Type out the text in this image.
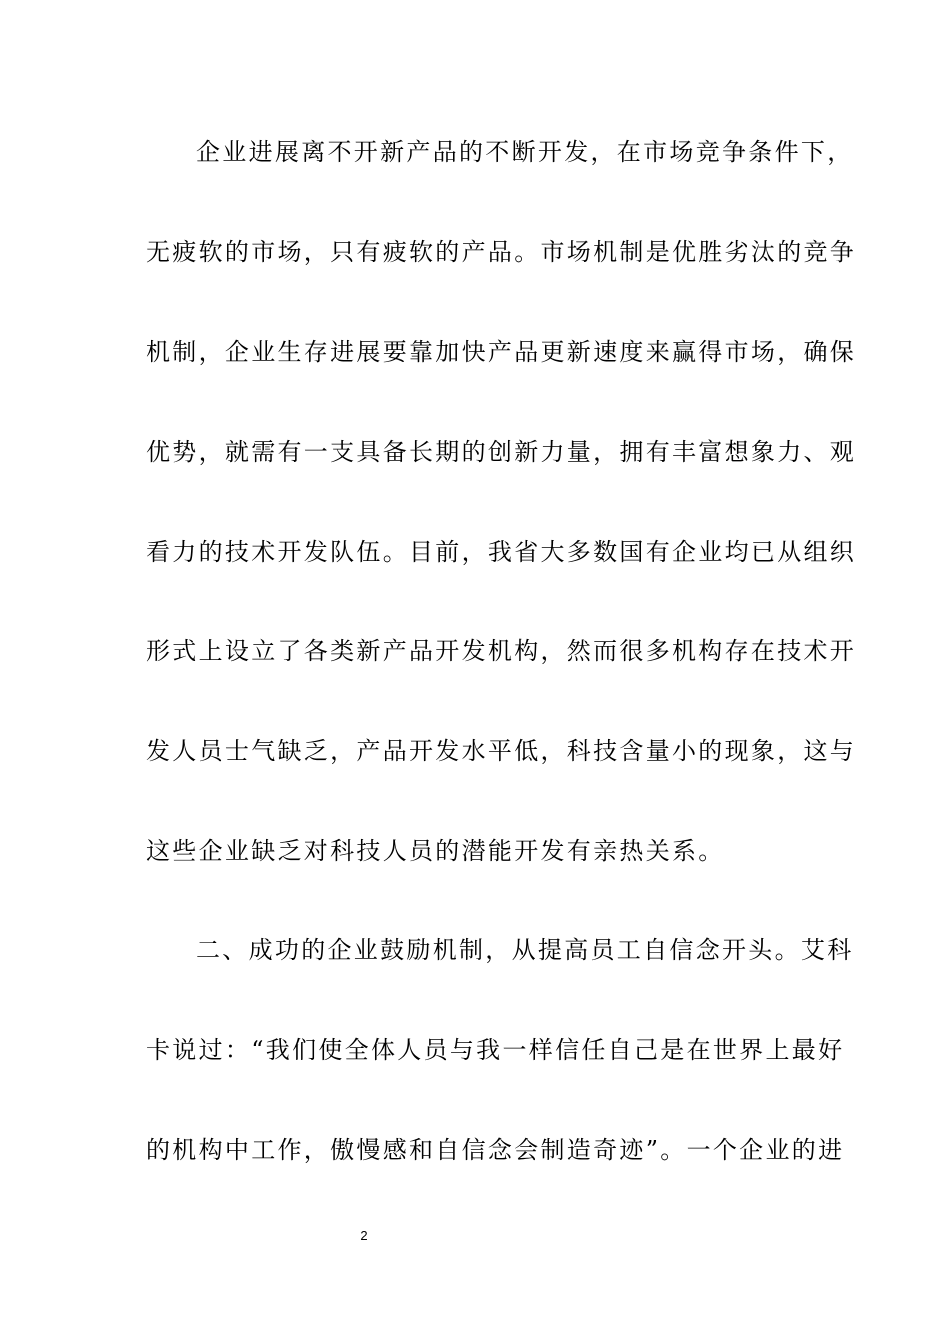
企业进展离不开新产品的不断开发，在市场竞争条件下，
无疲软的市场，只有疲软的产品。市场机制是优胜劣汰的竞争
机制，企业生存进展要靠加快产品更新速度来赢得市场，确保
优势，就需有一支具备长期的创新力量，拥有丰富想象力、观
看力的技术开发队伍。目前，我省大多数国有企业均已从组织
形式上设立了各类新产品开发机构，然而很多机构存在技术开
发人员士气缺乏，产品开发水平低，科技含量小的现象，这与
这些企业缺乏对科技人员的潜能开发有亲热关系。
二、成功的企业鼓励机制，从提高员工自信念开头。艾科
卡说过：“我们使全体人员与我一样信任自己是在世界上最好
的机构中工作，傲慢感和自信念会制造奇迹”。一个企业的进
2
